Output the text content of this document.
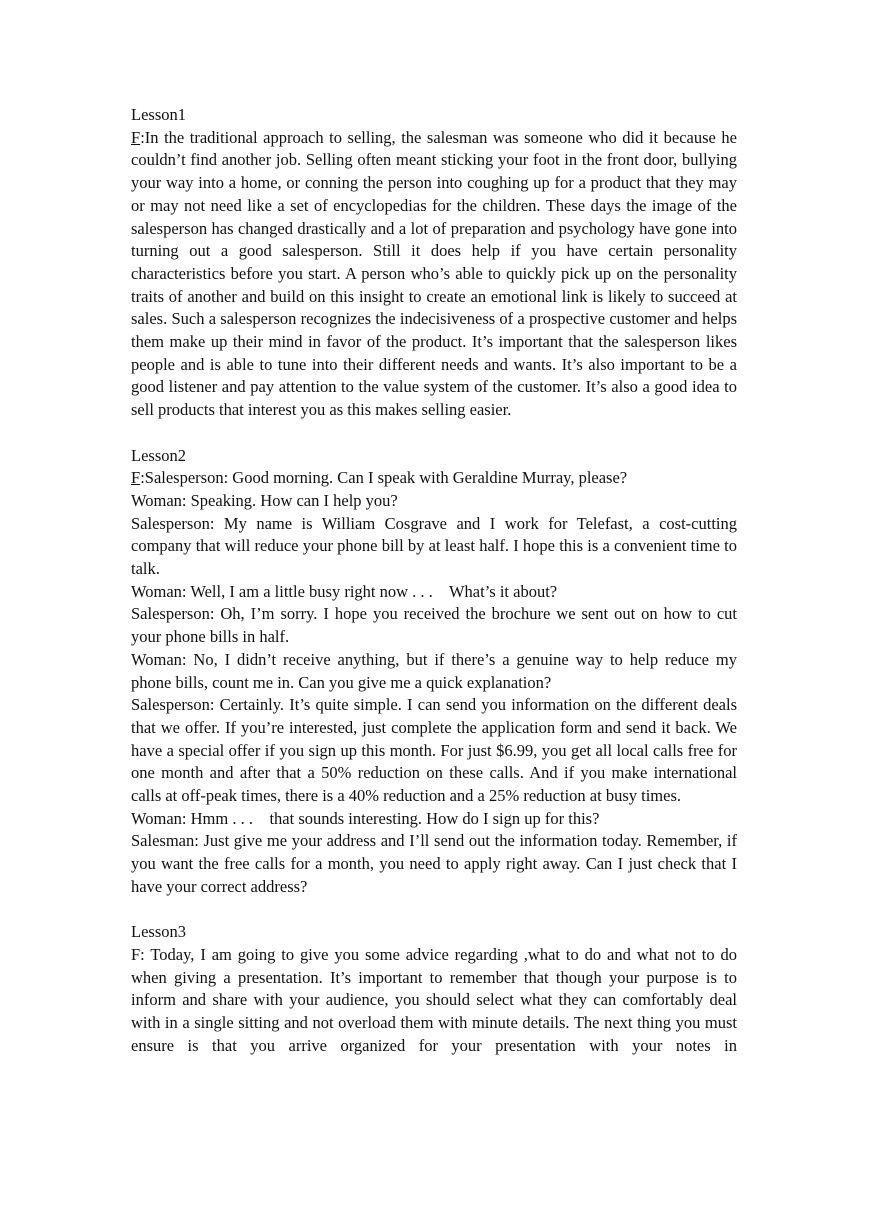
Lesson1

F:In the traditional approach to selling, the salesman was someone who did it because he couldn’t find another job. Selling often meant sticking your foot in the front door, bullying your way into a home, or conning the person into coughing up for a product that they may or may not need like a set of encyclopedias for the children. These days the image of the salesperson has changed drastically and a lot of preparation and psychology have gone into turning out a good salesperson. Still it does help if you have certain personality characteristics before you start. A person who’s able to quickly pick up on the personality traits of another and build on this insight to create an emotional link is likely to succeed at sales. Such a salesperson recognizes the indecisiveness of a prospective customer and helps them make up their mind in favor of the product. It’s important that the salesperson likes people and is able to tune into their different needs and wants. It’s also important to be a good listener and pay attention to the value system of the customer. It’s also a good idea to sell products that interest you as this makes selling easier.

Lesson2

F:Salesperson: Good morning. Can I speak with Geraldine Murray, please?

Woman: Speaking. How can I help you?

Salesperson: My name is William Cosgrave and I work for Telefast, a cost-cutting company that will reduce your phone bill by at least half. I hope this is a convenient time to talk.

Woman: Well, I am a little busy right now . . .    What’s it about?

Salesperson: Oh, I’m sorry. I hope you received the brochure we sent out on how to cut your phone bills in half.

Woman: No, I didn’t receive anything, but if there’s a genuine way to help reduce my phone bills, count me in. Can you give me a quick explanation?

Salesperson: Certainly. It’s quite simple. I can send you information on the different deals that we offer. If you’re interested, just complete the application form and send it back. We have a special offer if you sign up this month. For just $6.99, you get all local calls free for one month and after that a 50% reduction on these calls. And if you make international calls at off-peak times, there is a 40% reduction and a 25% reduction at busy times.

Woman: Hmm . . .    that sounds interesting. How do I sign up for this?

Salesman: Just give me your address and I’ll send out the information today. Remember, if you want the free calls for a month, you need to apply right away. Can I just check that I have your correct address?

Lesson3

F: Today, I am going to give you some advice regarding ,what to do and what not to do when giving a presentation. It’s important to remember that though your purpose is to inform and share with your audience, you should select what they can comfortably deal with in a single sitting and not overload them with minute details. The next thing you must ensure is that you arrive organized for your presentation with your notes in
